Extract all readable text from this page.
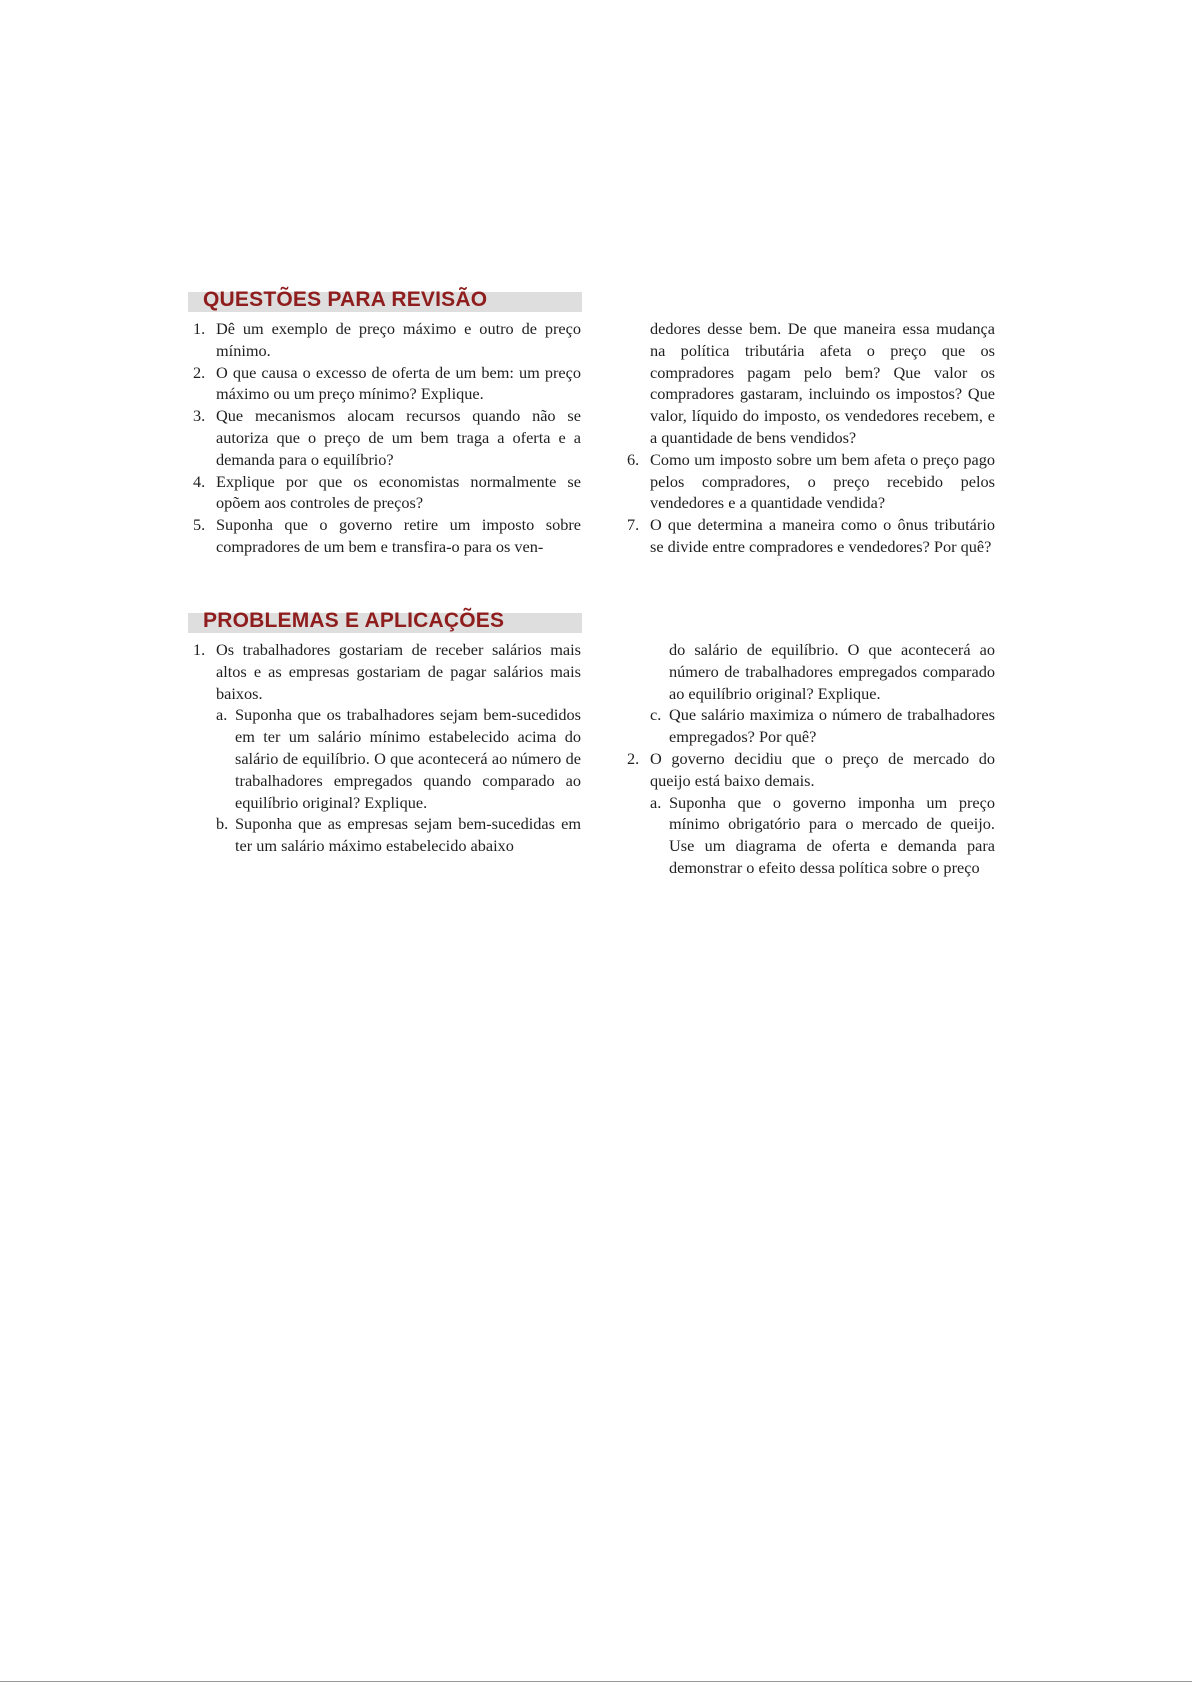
QUESTÕES PARA REVISÃO
1. Dê um exemplo de preço máximo e outro de preço mínimo.
2. O que causa o excesso de oferta de um bem: um preço máximo ou um preço mínimo? Explique.
3. Que mecanismos alocam recursos quando não se autoriza que o preço de um bem traga a oferta e a demanda para o equilíbrio?
4. Explique por que os economistas normalmente se opõem aos controles de preços?
5. Suponha que o governo retire um imposto sobre compradores de um bem e transfira-o para os ven-
dedores desse bem. De que maneira essa mudança na política tributária afeta o preço que os compradores pagam pelo bem? Que valor os compradores gastaram, incluindo os impostos? Que valor, líquido do imposto, os vendedores recebem, e a quantidade de bens vendidos?
6. Como um imposto sobre um bem afeta o preço pago pelos compradores, o preço recebido pelos vendedores e a quantidade vendida?
7. O que determina a maneira como o ônus tributário se divide entre compradores e vendedores? Por quê?
PROBLEMAS E APLICAÇÕES
1. Os trabalhadores gostariam de receber salários mais altos e as empresas gostariam de pagar salários mais baixos.
a. Suponha que os trabalhadores sejam bem-sucedidos em ter um salário mínimo estabelecido acima do salário de equilíbrio. O que acontecerá ao número de trabalhadores empregados quando comparado ao equilíbrio original? Explique.
b. Suponha que as empresas sejam bem-sucedidas em ter um salário máximo estabelecido abaixo
do salário de equilíbrio. O que acontecerá ao número de trabalhadores empregados comparado ao equilíbrio original? Explique.
c. Que salário maximiza o número de trabalhadores empregados? Por quê?
2. O governo decidiu que o preço de mercado do queijo está baixo demais.
a. Suponha que o governo imponha um preço mínimo obrigatório para o mercado de queijo. Use um diagrama de oferta e demanda para demonstrar o efeito dessa política sobre o preço
